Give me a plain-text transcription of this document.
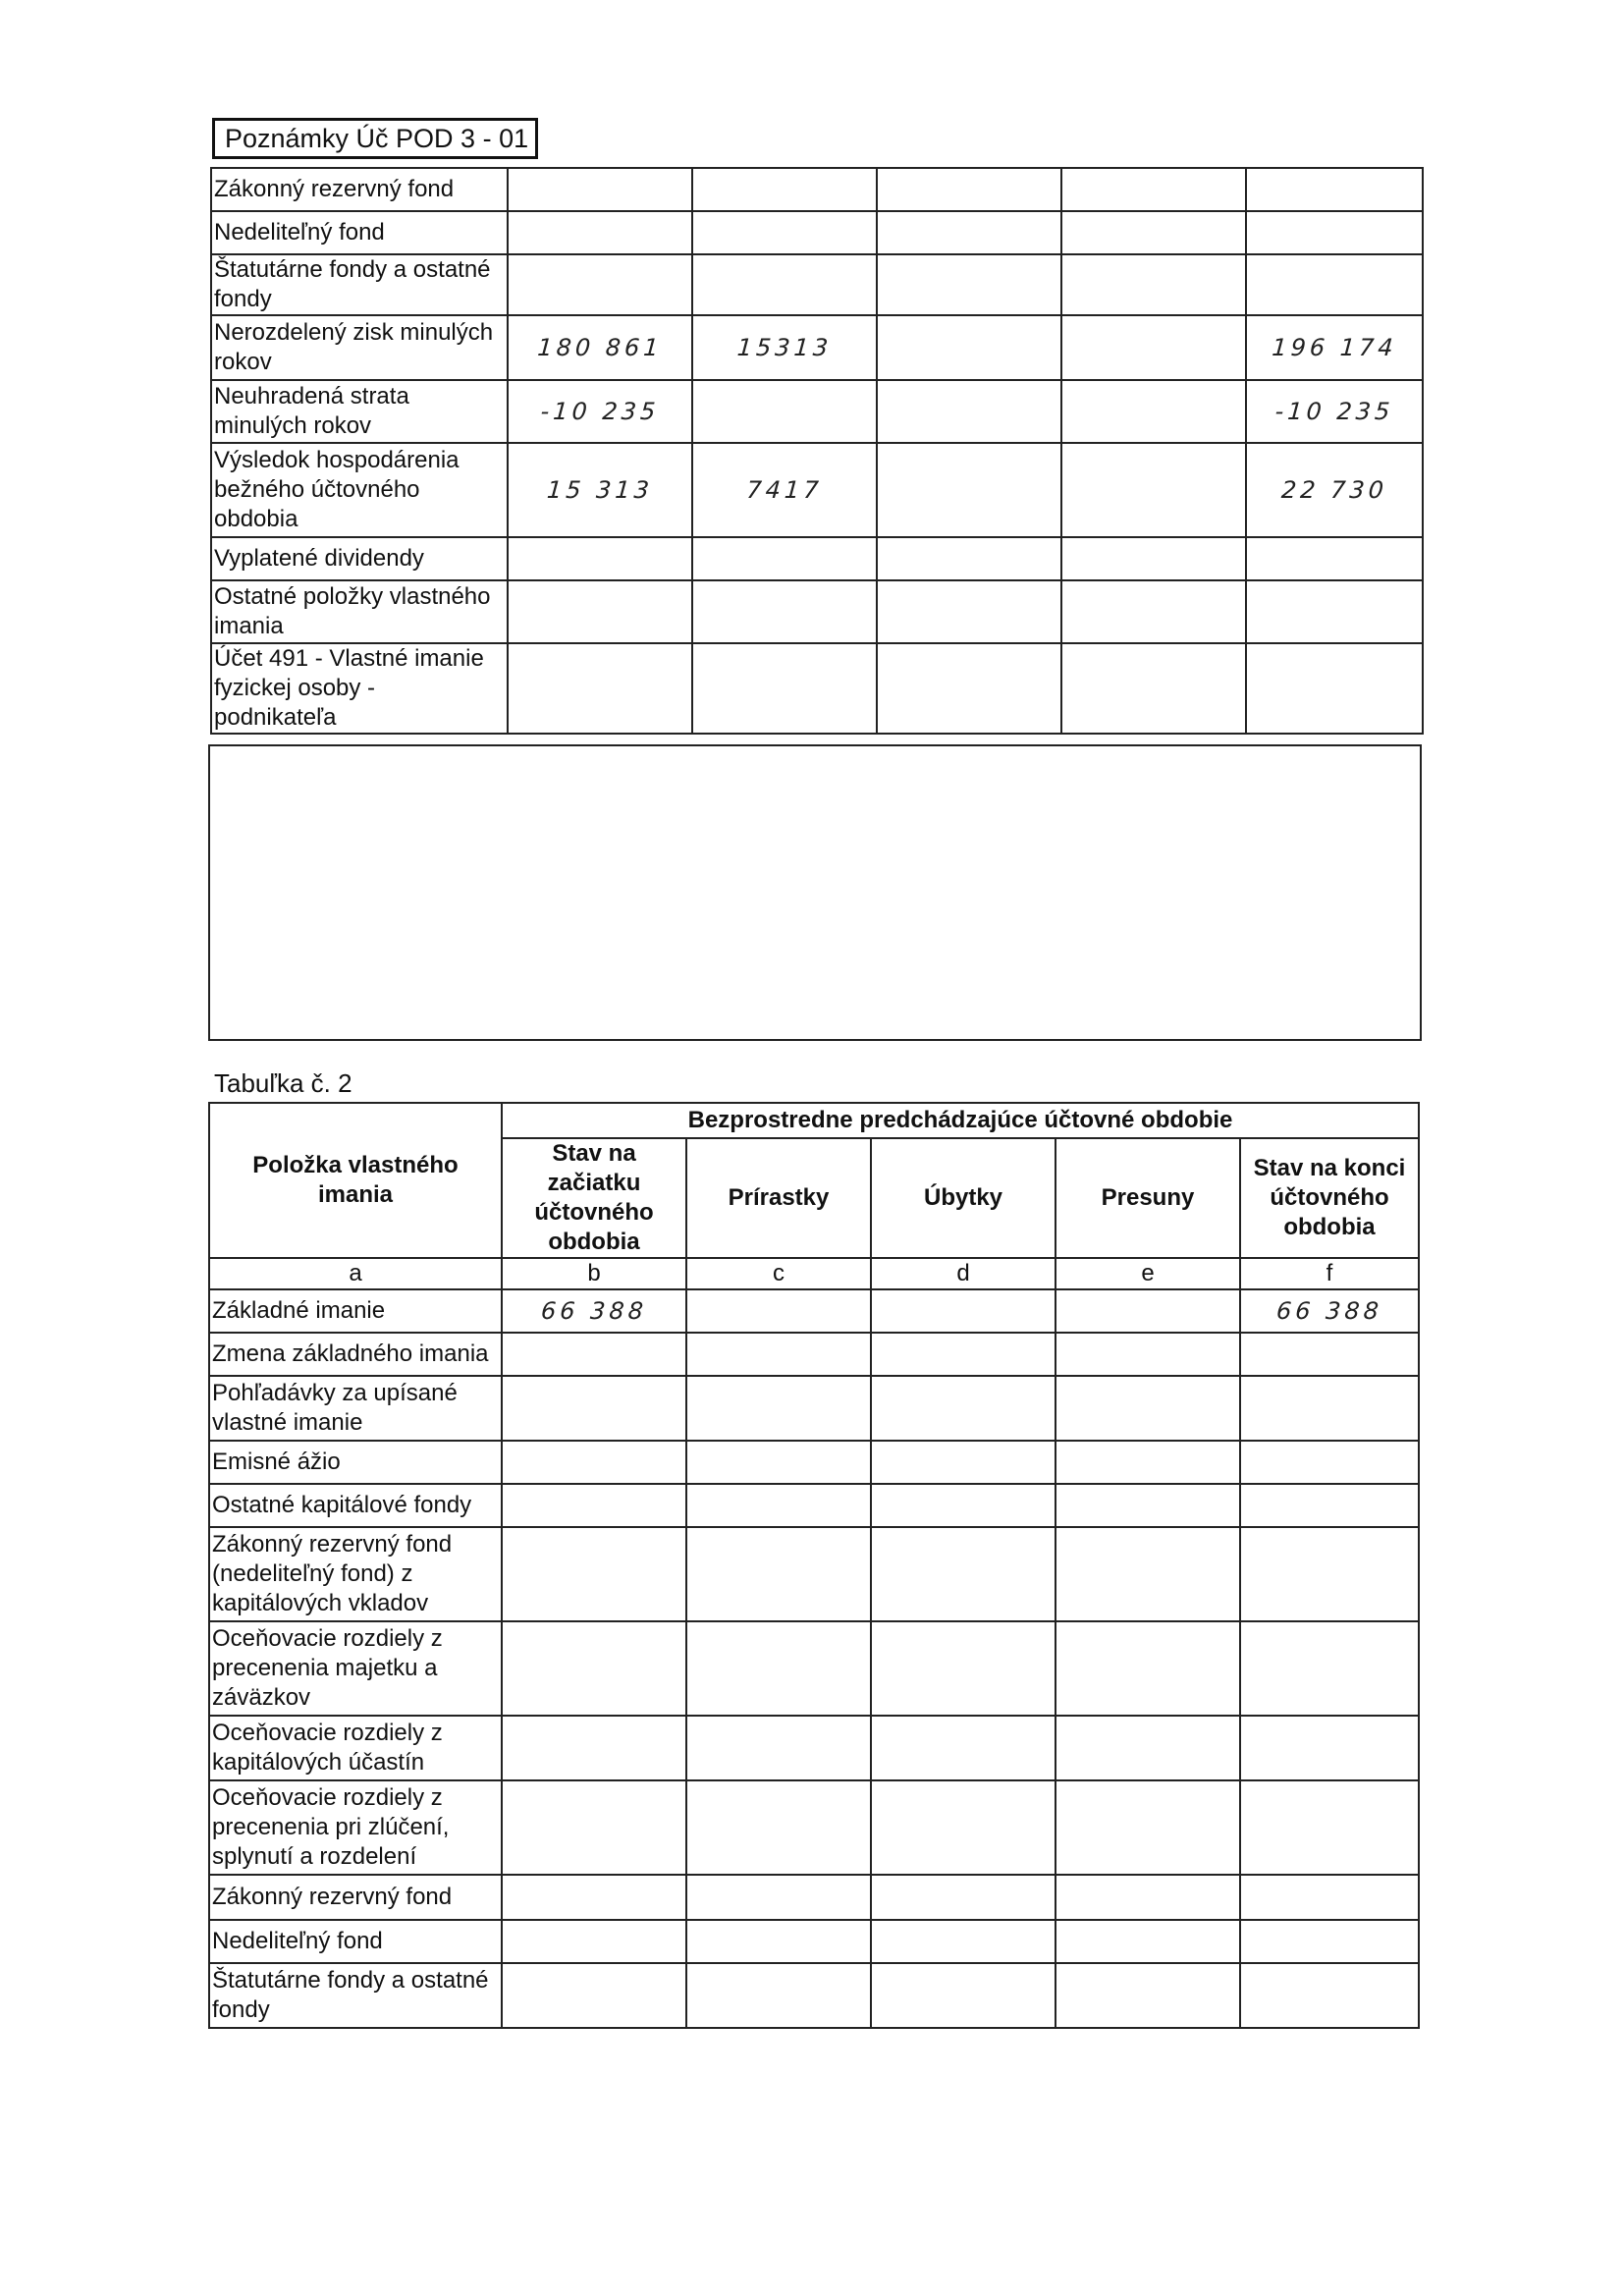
Poznámky Úč POD 3 - 01
Zákonný rezervný fond					
Nedeliteľný fond					
Štatutárne fondy a ostatné fondy					
Nerozdelený zisk minulých rokov	180 861	15313			196 174
Neuhradená strata minulých rokov	-10 235				-10 235
Výsledok hospodárenia bežného účtovného obdobia	15 313	7417			22 730
Vyplatené dividendy					
Ostatné položky vlastného imania					
Účet 491 - Vlastné imanie fyzickej osoby - podnikateľa					
Tabuľka č. 2
Položka vlastného imania	Bezprostredne predchádzajúce účtovné obdobie				
	Stav na začiatku účtovného obdobia	Prírastky	Úbytky	Presuny	Stav na konci účtovného obdobia
a	b	c	d	e	f
Základné imanie	66 388				66 388
Zmena základného imania					
Pohľadávky za upísané vlastné imanie					
Emisné ážio					
Ostatné kapitálové fondy					
Zákonný rezervný fond (nedeliteľný fond) z kapitálových vkladov					
Oceňovacie rozdiely z precenenia majetku a záväzkov					
Oceňovacie rozdiely z kapitálových účastín					
Oceňovacie rozdiely z precenenia pri zlúčení, splynutí a rozdelení					
Zákonný rezervný fond					
Nedeliteľný fond					
Štatutárne fondy a ostatné fondy					
